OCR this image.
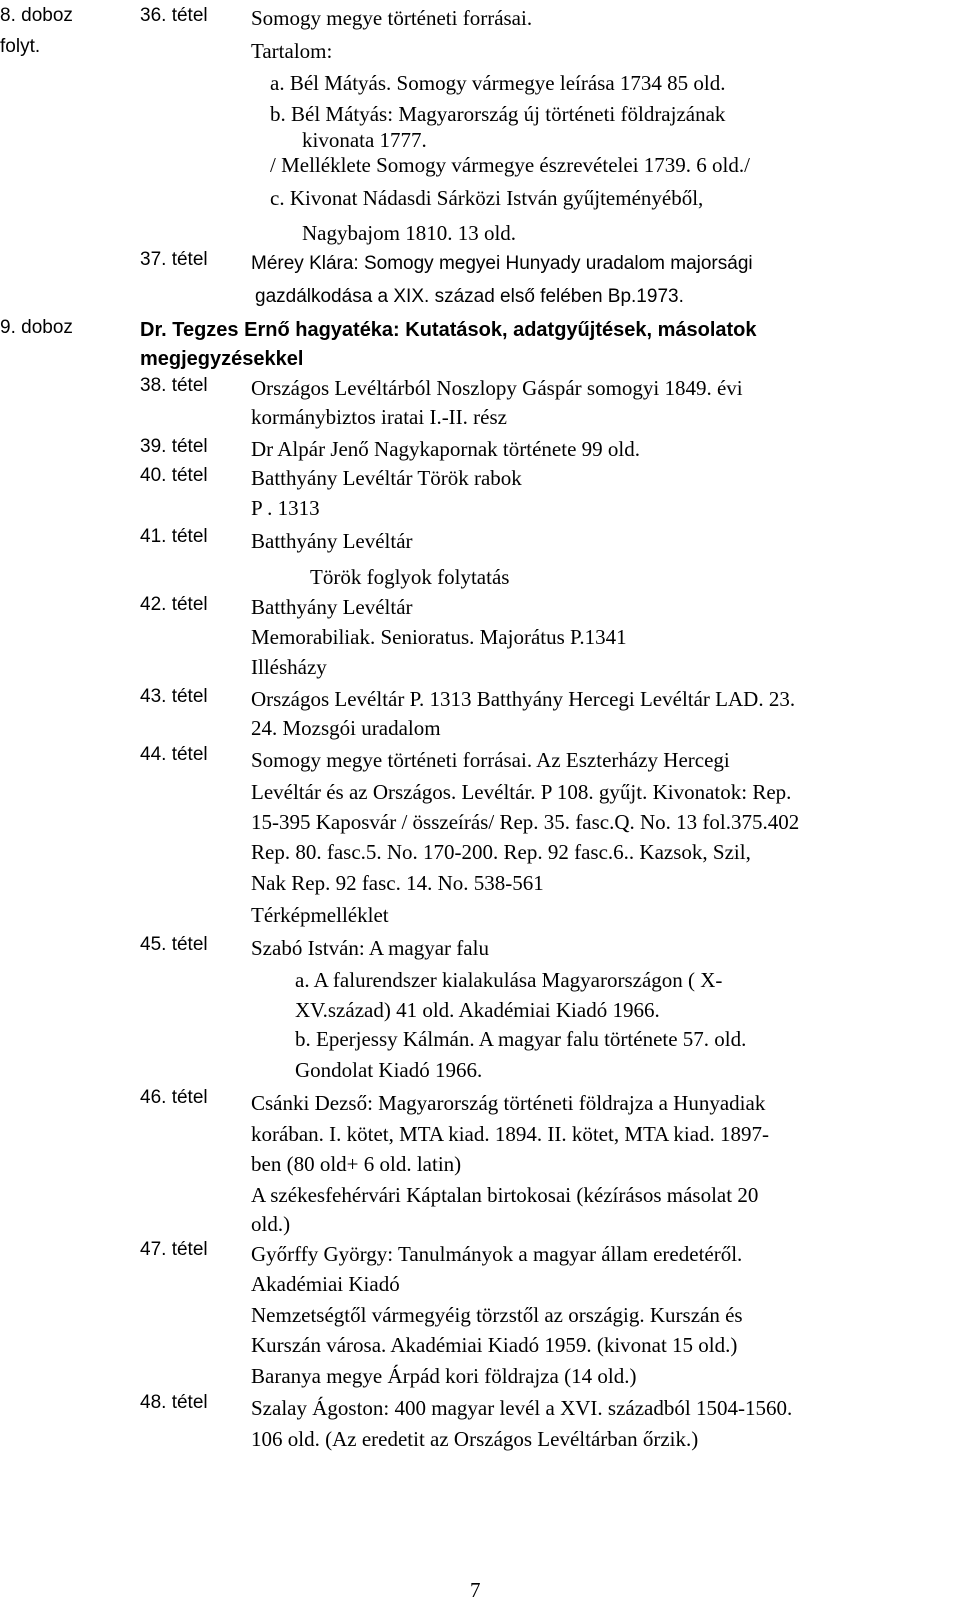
8. doboz
folyt.
36. tétel Somogy megye történeti forrásai.
Tartalom:
a. Bél Mátyás. Somogy vármegye leírása 1734 85 old.
b. Bél Mátyás: Magyarország új történeti földrajzának
kivonata 1777.
/ Melléklete Somogy vármegye észrevételei 1739. 6 old./
c. Kivonat Nádasdi Sárközi István gyűjteményéből,
Nagybajom 1810. 13 old.
37. tétel Mérey Klára: Somogy megyei Hunyady uradalom majorsági
gazdálkodása a XIX. század első felében Bp.1973.
9. doboz	Dr. Tegzes Ernő hagyatéka: Kutatások, adatgyűjtések, másolatok
megjegyzésekkel
38. tétel Országos Levéltárból Noszlopy Gáspár somogyi 1849. évi
kormánybiztos iratai I.-II. rész
39. tétel Dr Alpár Jenő Nagykapornak története 99 old.
40. tétel Batthyány Levéltár Török rabok
P . 1313
41. tétel Batthyány Levéltár
Török foglyok folytatás
42. tétel Batthyány Levéltár
Memorabiliak. Senioratus. Majorátus P.1341
Illésházy
43. tétel Országos Levéltár P. 1313 Batthyány Hercegi Levéltár LAD. 23.
24. Mozsgói uradalom
44. tétel Somogy megye történeti forrásai. Az Eszterházy Hercegi
Levéltár és az Országos. Levéltár. P 108. gyűjt. Kivonatok: Rep.
15-395 Kaposvár / összeírás/ Rep. 35. fasc.Q. No. 13 fol.375.402
Rep. 80. fasc.5. No. 170-200. Rep. 92 fasc.6.. Kazsok, Szil,
Nak Rep. 92 fasc. 14. No. 538-561
Térképmelléklet
45. tétel Szabó István: A magyar falu
a. A falurendszer kialakulása Magyarországon ( X-
XV.század) 41 old. Akadémiai Kiadó 1966.
b. Eperjessy Kálmán. A magyar falu története 57. old.
Gondolat Kiadó 1966.
46. tétel Csánki Dezső: Magyarország történeti földrajza a Hunyadiak
korában. I. kötet, MTA kiad. 1894. II. kötet, MTA kiad. 1897-
ben (80 old+ 6 old. latin)
A székesfehérvári Káptalan birtokosai (kézírásos másolat 20
old.)
47. tétel Győrffy György: Tanulmányok a magyar állam eredetéről.
Akadémiai Kiadó
Nemzetségtől vármegyéig törzstől az országig. Kurszán és
Kurszán városa. Akadémiai Kiadó 1959. (kivonat 15 old.)
Baranya megye Árpád kori földrajza (14 old.)
48. tétel Szalay Ágoston: 400 magyar levél a XVI. századból 1504-1560.
106 old. (Az eredetit az Országos Levéltárban őrzik.)
7
